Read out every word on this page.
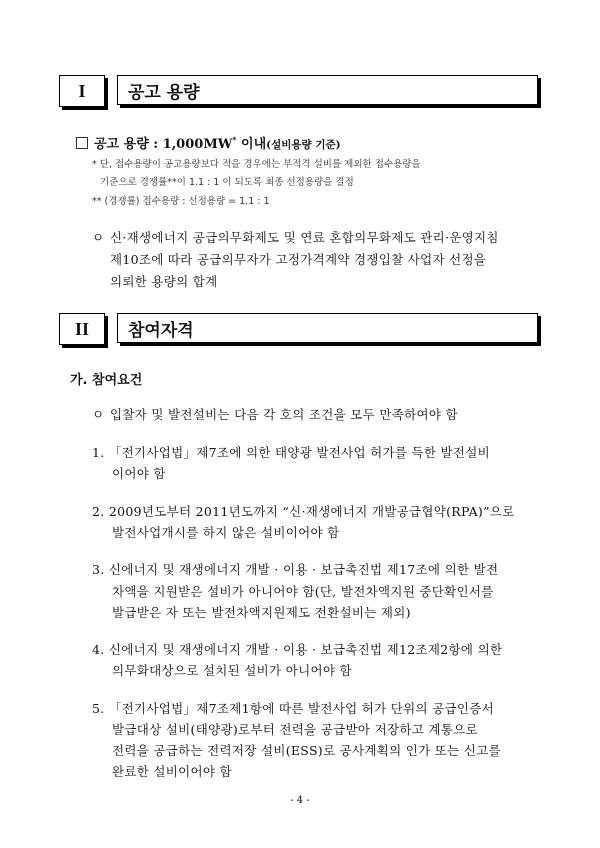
I	공고 용량
공고 용량 : 1,000MW* 이내(설비용량 기준)
* 단, 접수용량이 공고용량보다 적을 경우에는 부적격 설비를 제외한 접수용량을
기준으로 경쟁률**이 1.1 : 1 이 되도록 최종 선정용량을 결정
** (경쟁률) 접수용량 : 선정용량 = 1.1 : 1
ㅇ 신·재생에너지 공급의무화제도 및 연료 혼합의무화제도 관리·운영지침
제10조에 따라 공급의무자가 고정가격계약 경쟁입찰 사업자 선정을
의뢰한 용량의 합계
II	참여자격
가. 참여요건
ㅇ 입찰자 및 발전설비는 다음 각 호의 조건을 모두 만족하여야 함
1. 「전기사업법」제7조에 의한 태양광 발전사업 허가를 득한 발전설비
이어야 함
2. 2009년도부터 2011년도까지 “신·재생에너지 개발공급협약(RPA)”으로
발전사업개시를 하지 않은 설비이어야 함
3. 신에너지 및 재생에너지 개발 · 이용 · 보급촉진법 제17조에 의한 발전
차액을 지원받은 설비가 아니어야 함(단, 발전차액지원 중단확인서를
발급받은 자 또는 발전차액지원제도 전환설비는 제외)
4. 신에너지 및 재생에너지 개발 · 이용 · 보급촉진법 제12조제2항에 의한
의무화대상으로 설치된 설비가 아니어야 함
5. 「전기사업법」제7조제1항에 따른 발전사업 허가 단위의 공급인증서
발급대상 설비(태양광)로부터 전력을 공급받아 저장하고 계통으로
전력을 공급하는 전력저장 설비(ESS)로 공사계획의 인가 또는 신고를
완료한 설비이어야 함
- 4 -
